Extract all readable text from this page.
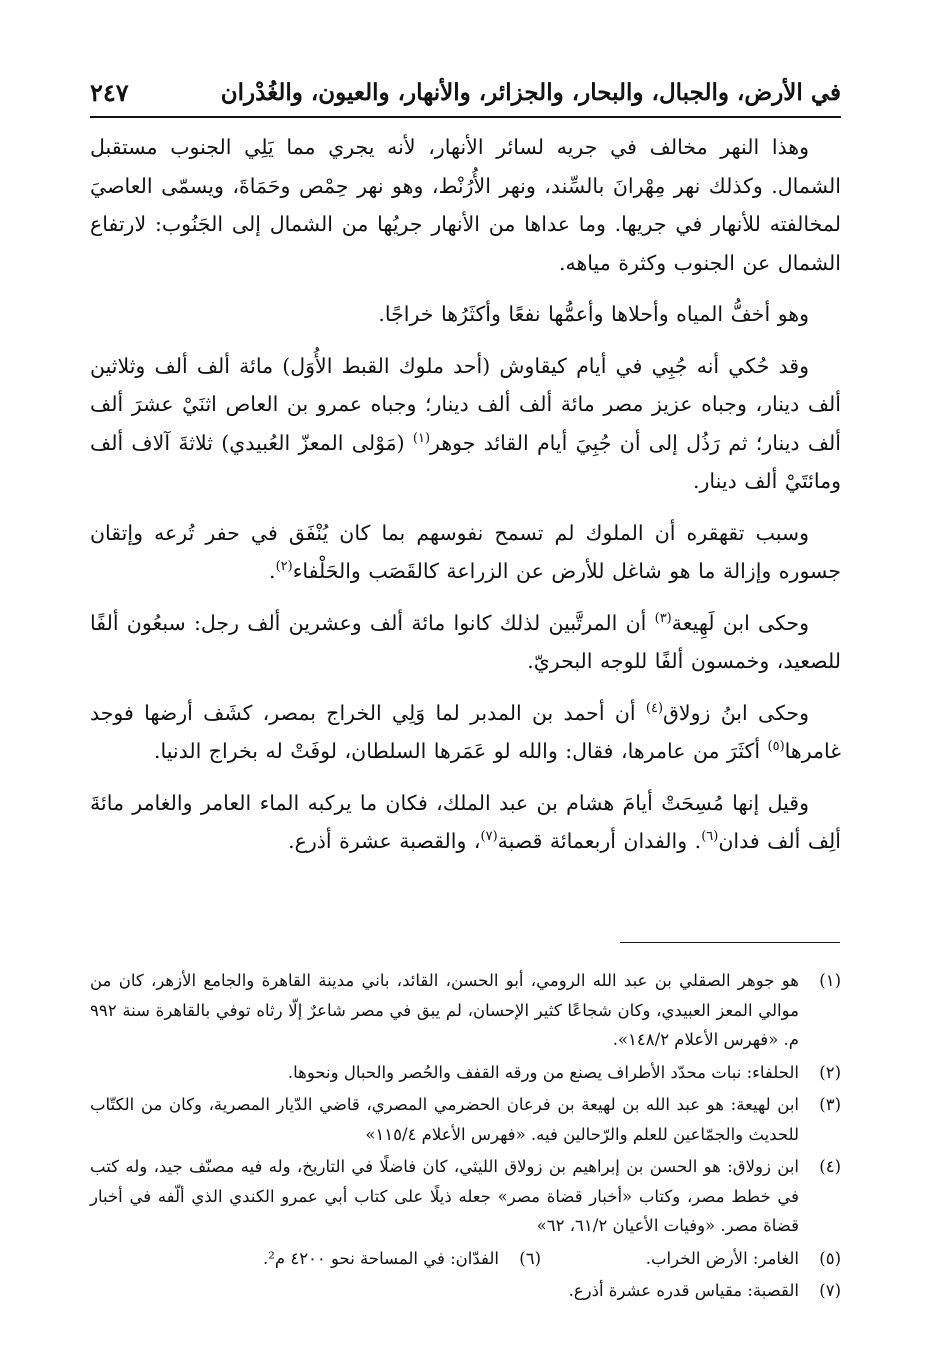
في الأرض، والجبال، والبحار، والجزائر، والأنهار، والعيون، والغُدْران
٢٤٧

وهذا النهر مخالف في جريه لسائر الأنهار، لأنه يجري مما يَلِي الجنوب مستقبل الشمال. وكذلك نهر مِهْرانَ بالسِّند، ونهر الأُرُنْط، وهو نهر حِمْص وحَمَاةَ، ويسمّى العاصيَ لمخالفته للأنهار في جريها. وما عداها من الأنهار جريُها من الشمال إلى الجَنُوب: لارتفاع الشمال عن الجنوب وكثرة مياهه.

وهو أخفُّ المياه وأحلاها وأعمُّها نفعًا وأكثَرُها خراجًا.

وقد حُكي أنه جُبِي في أيام كيقاوش (أحد ملوك القبط الأُوَل) مائة ألف ألف وثلاثين ألف دينار، وجباه عزيز مصر مائة ألف ألف دينار؛ وجباه عمرو بن العاص اثنَيْ عشرَ ألف ألف دينار؛ ثم رَذُل إلى أن جُبِيَ أيام القائد جوهر$^{(١)}$ (مَوْلى المعزّ العُبيدي) ثلاثةَ آلاف ألف ومائتَيْ ألف دينار.

وسبب تقهقره أن الملوك لم تسمح نفوسهم بما كان يُنْفَق في حفر تُرعه وإتقان جسوره وإزالة ما هو شاغل للأرض عن الزراعة كالقَصَب والحَلْفاء$^{(٢)}$.

وحكى ابن لَهِيعة$^{(٣)}$ أن المرتَّبين لذلك كانوا مائة ألف وعشرين ألف رجل: سبعُون ألفًا للصعيد، وخمسون ألفًا للوجه البحريّ.

وحكى ابنُ زولاق$^{(٤)}$ أن أحمد بن المدبر لما وَلِي الخراج بمصر، كشَف أرضها فوجد غامرها$^{(٥)}$ أكثَرَ من عامرها، فقال: والله لو عَمَرها السلطان، لوفَتْ له بخراج الدنيا.

وقيل إنها مُسِحَتْ أيامَ هشام بن عبد الملك، فكان ما يركبه الماء العامر والغامر مائةَ ألِف ألف فدان$^{(٦)}$. والفدان أربعمائة قصبة$^{(٧)}$، والقصبة عشرة أذرع.

(١)
هو جوهر الصقلي بن عبد الله الرومي، أبو الحسن، القائد، باني مدينة القاهرة والجامع الأزهر، كان من موالي المعز العبيدي، وكان شجاعًا كثير الإحسان، لم يبق في مصر شاعرٌ إلّا رثاه توفي بالقاهرة سنة ٩٩٢ م. «فهرس الأعلام ١٤٨/٢».
(٢)
الحلفاء: نبات محدّد الأطراف يصنع من ورقه القفف والحُصر والحبال ونحوها.
(٣)
ابن لهيعة: هو عبد الله بن لهيعة بن فرعان الحضرمي المصري، قاضي الدّيار المصرية، وكان من الكتّاب للحديث والجمّاعين للعلم والرّحالين فيه. «فهرس الأعلام ١١٥/٤»
(٤)
ابن زولاق: هو الحسن بن إبراهيم بن زولاق الليثي، كان فاضلًا في التاريخ، وله فيه مصنّف جيد، وله كتب في خطط مصر، وكتاب «أخبار قضاة مصر» جعله ذيلًا على كتاب أبي عمرو الكندي الذي ألّفه في أخبار قضاة مصر. «وفيات الأعيان ٦١/٢، ٦٢»
(٥)
الغامر: الأرض الخراب.
(٦)
الفدّان: في المساحة نحو ٤٢٠٠ م².
(٧)
القصبة: مقياس قدره عشرة أذرع.
